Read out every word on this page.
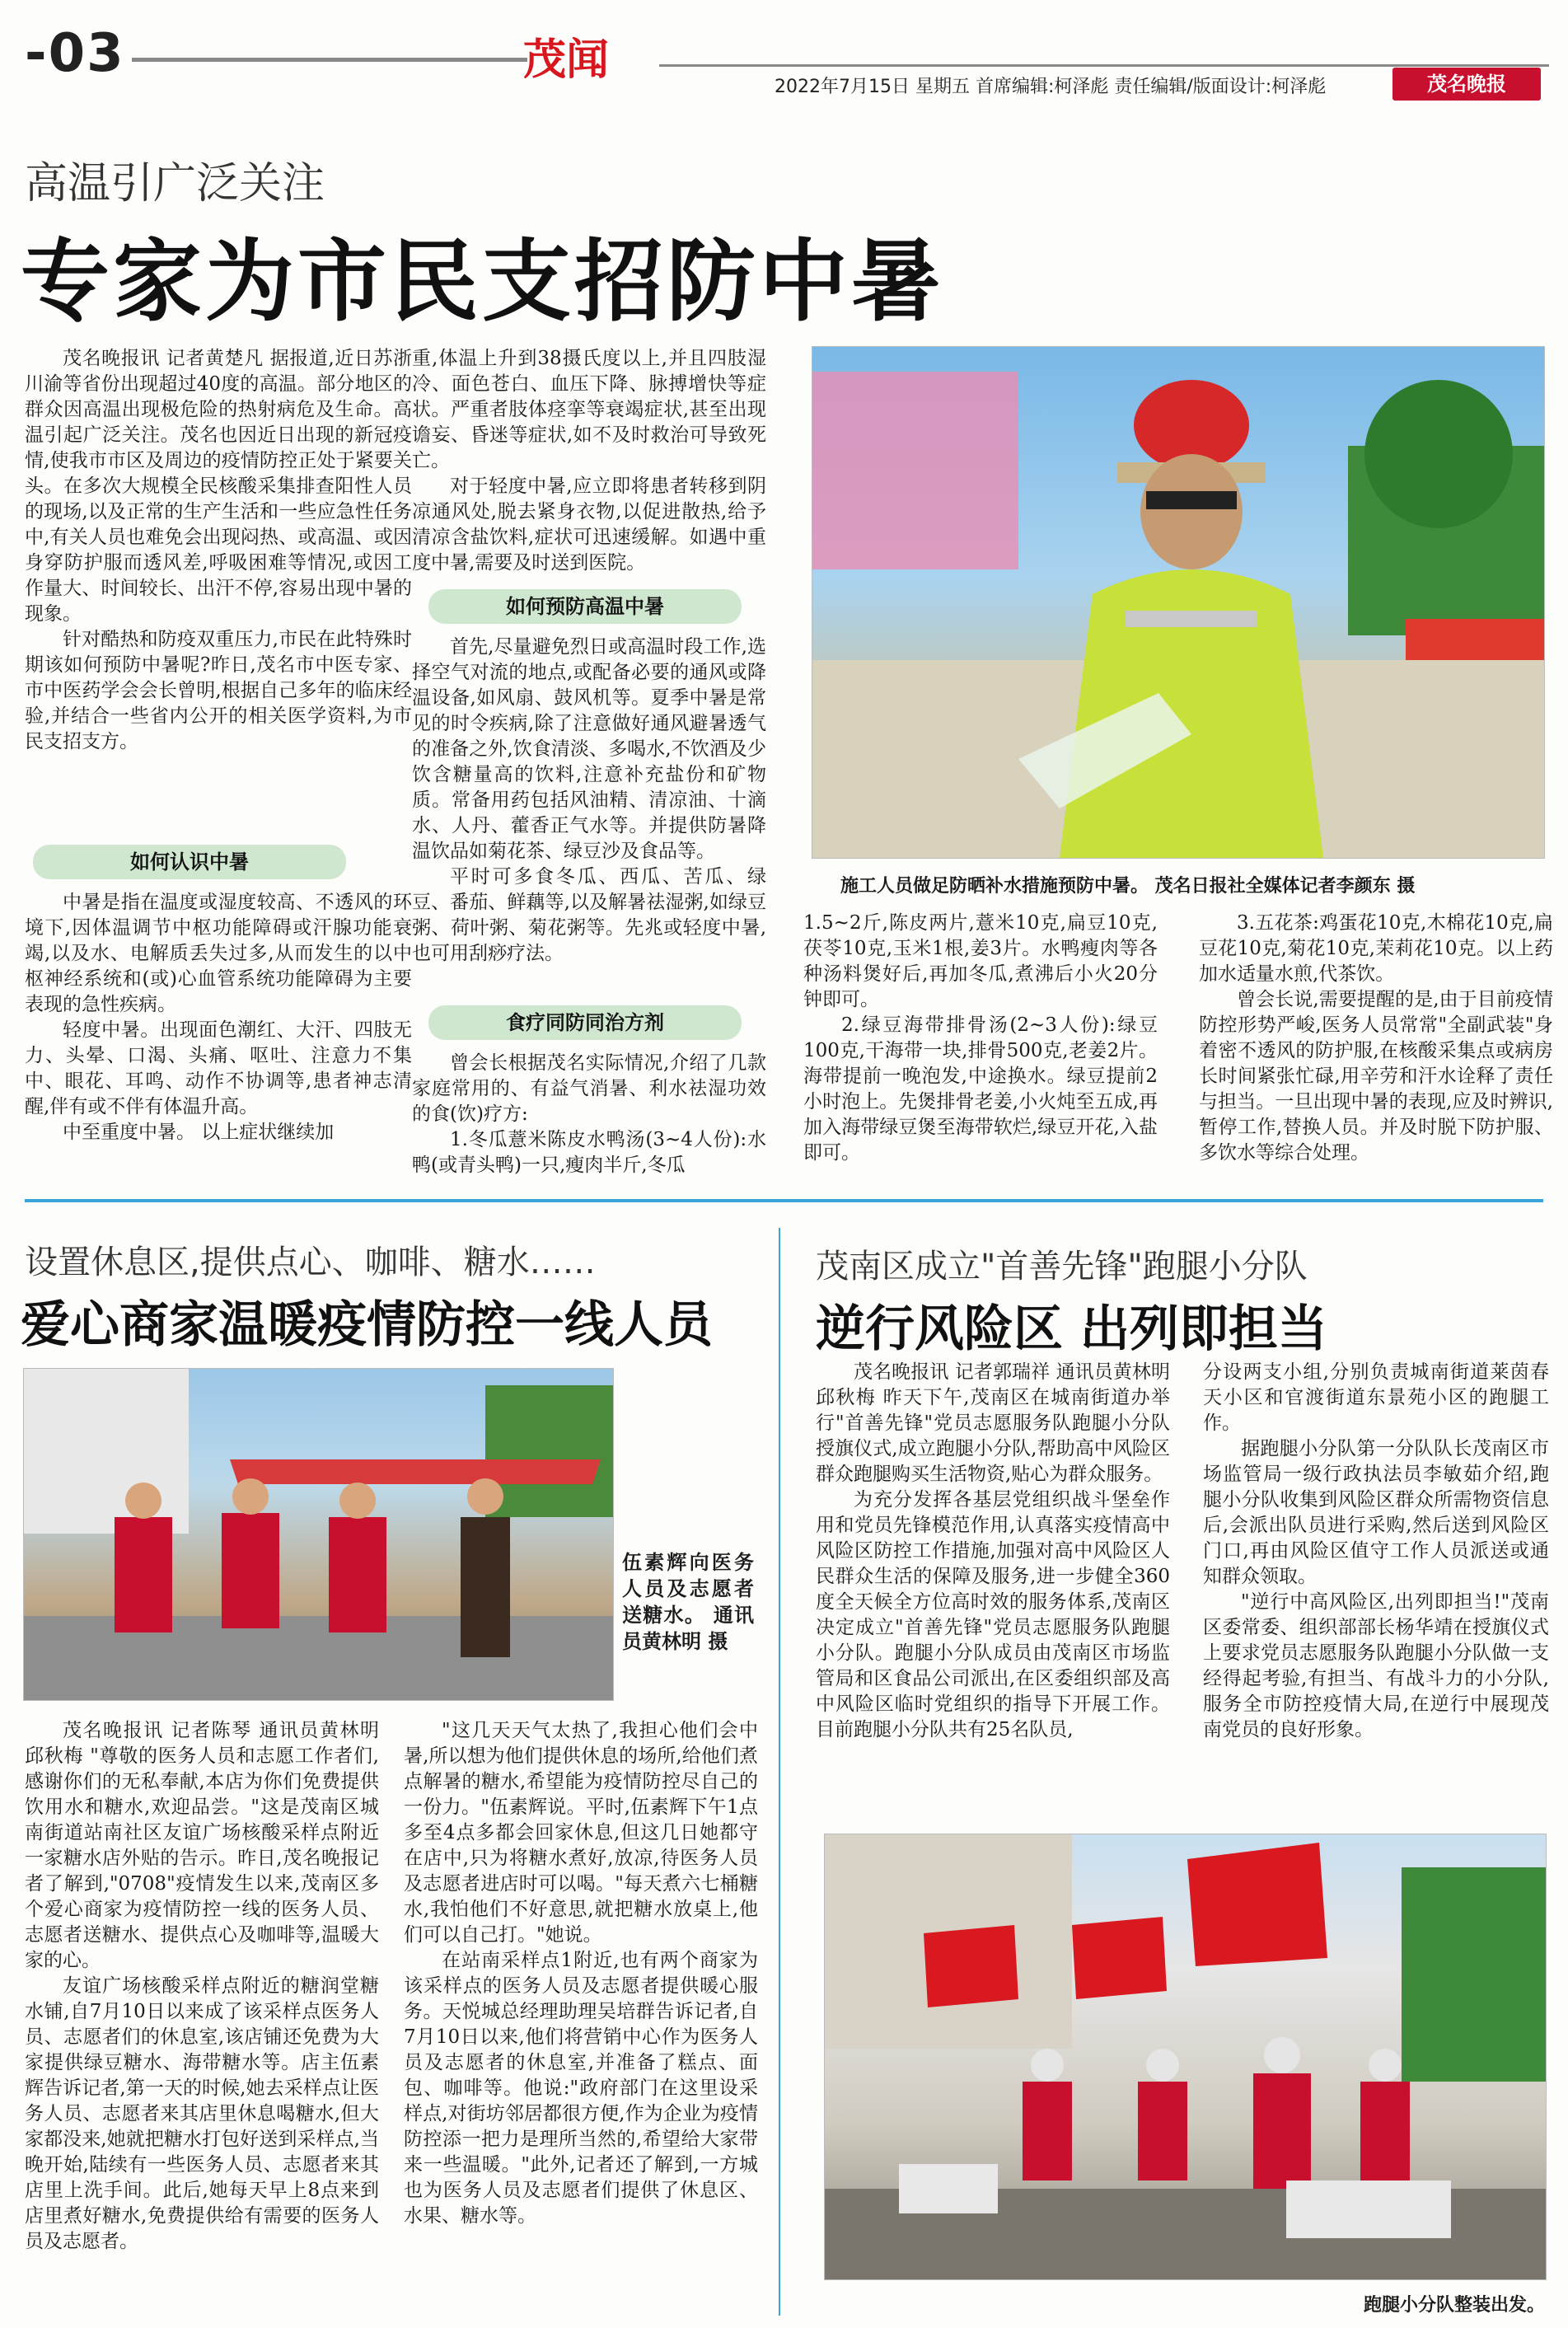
-03	茂闻
2022年7月15日 星期五 首席编辑:柯泽彪 责任编辑/版面设计:柯泽彪	茂名晚报
高温引广泛关注
专家为市民支招防中暑

茂名晚报讯 记者黄楚凡 据报道,近日苏浙川渝等省份出现超过40度的高温。部分地区的群众因高温出现极危险的热射病危及生命。高温引起广泛关注。茂名也因近日出现的新冠疫情,使我市市区及周边的疫情防控正处于紧要关头。在多次大规模全民核酸采集排查阳性人员的现场,以及正常的生产生活和一些应急性任务中,有关人员也难免会出现闷热、或高温、或因身穿防护服而透风差,呼吸困难等情况,或因工作量大、时间较长、出汗不停,容易出现中暑的现象。

针对酷热和防疫双重压力,市民在此特殊时期该如何预防中暑呢?昨日,茂名市中医专家、市中医药学会会长曾明,根据自己多年的临床经验,并结合一些省内公开的相关医学资料,为市民支招支方。

如何认识中暑

中暑是指在温度或湿度较高、不透风的环境下,因体温调节中枢功能障碍或汗腺功能衰竭,以及水、电解质丢失过多,从而发生的以中枢神经系统和(或)心血管系统功能障碍为主要表现的急性疾病。

轻度中暑。出现面色潮红、大汗、四肢无力、头晕、口渴、头痛、呕吐、注意力不集中、眼花、耳鸣、动作不协调等,患者神志清醒,伴有或不伴有体温升高。

中至重度中暑。 以上症状继续加

重,体温上升到38摄氏度以上,并且四肢湿冷、面色苍白、血压下降、脉搏增快等症状。严重者肢体痉挛等衰竭症状,甚至出现谵妄、昏迷等症状,如不及时救治可导致死亡。

对于轻度中暑,应立即将患者转移到阴凉通风处,脱去紧身衣物,以促进散热,给予清凉含盐饮料,症状可迅速缓解。如遇中重度中暑,需要及时送到医院。

如何预防高温中暑

首先,尽量避免烈日或高温时段工作,选择空气对流的地点,或配备必要的通风或降温设备,如风扇、鼓风机等。夏季中暑是常见的时令疾病,除了注意做好通风避暑透气的准备之外,饮食清淡、多喝水,不饮酒及少饮含糖量高的饮料,注意补充盐份和矿物质。常备用药包括风油精、清凉油、十滴水、人丹、藿香正气水等。并提供防暑降温饮品如菊花茶、绿豆沙及食品等。

平时可多食冬瓜、西瓜、苦瓜、绿豆、番茄、鲜藕等,以及解暑祛湿粥,如绿豆粥、荷叶粥、菊花粥等。先兆或轻度中暑,也可用刮痧疗法。

食疗同防同治方剂

曾会长根据茂名实际情况,介绍了几款家庭常用的、有益气消暑、利水祛湿功效的食(饮)疗方:

1.冬瓜薏米陈皮水鸭汤(3~4人份):水鸭(或青头鸭)一只,瘦肉半斤,冬瓜

施工人员做足防晒补水措施预防中暑。 茂名日报社全媒体记者李颜东 摄

1.5~2斤,陈皮两片,薏米10克,扁豆10克,茯苓10克,玉米1根,姜3片。水鸭瘦肉等各种汤料煲好后,再加冬瓜,煮沸后小火20分钟即可。

2.绿豆海带排骨汤(2~3人份):绿豆100克,干海带一块,排骨500克,老姜2片。海带提前一晚泡发,中途换水。绿豆提前2小时泡上。先煲排骨老姜,小火炖至五成,再加入海带绿豆煲至海带软烂,绿豆开花,入盐即可。

3.五花茶:鸡蛋花10克,木棉花10克,扁豆花10克,菊花10克,茉莉花10克。以上药加水适量水煎,代茶饮。

曾会长说,需要提醒的是,由于目前疫情防控形势严峻,医务人员常常"全副武装"身着密不透风的防护服,在核酸采集点或病房长时间紧张忙碌,用辛劳和汗水诠释了责任与担当。一旦出现中暑的表现,应及时辨识,暂停工作,替换人员。并及时脱下防护服、多饮水等综合处理。

设置休息区,提供点心、咖啡、糖水……
爱心商家温暖疫情防控一线人员
伍素辉向医务人员及志愿者送糖水。 通讯员黄林明 摄

茂名晚报讯 记者陈琴 通讯员黄林明 邱秋梅 "尊敬的医务人员和志愿工作者们,感谢你们的无私奉献,本店为你们免费提供饮用水和糖水,欢迎品尝。"这是茂南区城南街道站南社区友谊广场核酸采样点附近一家糖水店外贴的告示。昨日,茂名晚报记者了解到,"0708"疫情发生以来,茂南区多个爱心商家为疫情防控一线的医务人员、志愿者送糖水、提供点心及咖啡等,温暖大家的心。

友谊广场核酸采样点附近的糖润堂糖水铺,自7月10日以来成了该采样点医务人员、志愿者们的休息室,该店铺还免费为大家提供绿豆糖水、海带糖水等。店主伍素辉告诉记者,第一天的时候,她去采样点让医务人员、志愿者来其店里休息喝糖水,但大家都没来,她就把糖水打包好送到采样点,当晚开始,陆续有一些医务人员、志愿者来其店里上洗手间。此后,她每天早上8点来到店里煮好糖水,免费提供给有需要的医务人员及志愿者。

"这几天天气太热了,我担心他们会中暑,所以想为他们提供休息的场所,给他们煮点解暑的糖水,希望能为疫情防控尽自己的一份力。"伍素辉说。平时,伍素辉下午1点多至4点多都会回家休息,但这几日她都守在店中,只为将糖水煮好,放凉,待医务人员及志愿者进店时可以喝。"每天煮六七桶糖水,我怕他们不好意思,就把糖水放桌上,他们可以自己打。"她说。

在站南采样点1附近,也有两个商家为该采样点的医务人员及志愿者提供暖心服务。天悦城总经理助理吴培群告诉记者,自7月10日以来,他们将营销中心作为医务人员及志愿者的休息室,并准备了糕点、面包、咖啡等。他说:"政府部门在这里设采样点,对街坊邻居都很方便,作为企业为疫情防控添一把力是理所当然的,希望给大家带来一些温暖。"此外,记者还了解到,一方城也为医务人员及志愿者们提供了休息区、水果、糖水等。

茂南区成立"首善先锋"跑腿小分队
逆行风险区 出列即担当

茂名晚报讯 记者郭瑞祥 通讯员黄林明 邱秋梅 昨天下午,茂南区在城南街道办举行"首善先锋"党员志愿服务队跑腿小分队授旗仪式,成立跑腿小分队,帮助高中风险区群众跑腿购买生活物资,贴心为群众服务。

为充分发挥各基层党组织战斗堡垒作用和党员先锋模范作用,认真落实疫情高中风险区防控工作措施,加强对高中风险区人民群众生活的保障及服务,进一步健全360度全天候全方位高时效的服务体系,茂南区决定成立"首善先锋"党员志愿服务队跑腿小分队。跑腿小分队成员由茂南区市场监管局和区食品公司派出,在区委组织部及高中风险区临时党组织的指导下开展工作。目前跑腿小分队共有25名队员,

分设两支小组,分别负责城南街道莱茵春天小区和官渡街道东景苑小区的跑腿工作。

据跑腿小分队第一分队队长茂南区市场监管局一级行政执法员李敏茹介绍,跑腿小分队收集到风险区群众所需物资信息后,会派出队员进行采购,然后送到风险区门口,再由风险区值守工作人员派送或通知群众领取。

"逆行中高风险区,出列即担当!"茂南区委常委、组织部部长杨华靖在授旗仪式上要求党员志愿服务队跑腿小分队做一支经得起考验,有担当、有战斗力的小分队,服务全市防控疫情大局,在逆行中展现茂南党员的良好形象。

跑腿小分队整装出发。
